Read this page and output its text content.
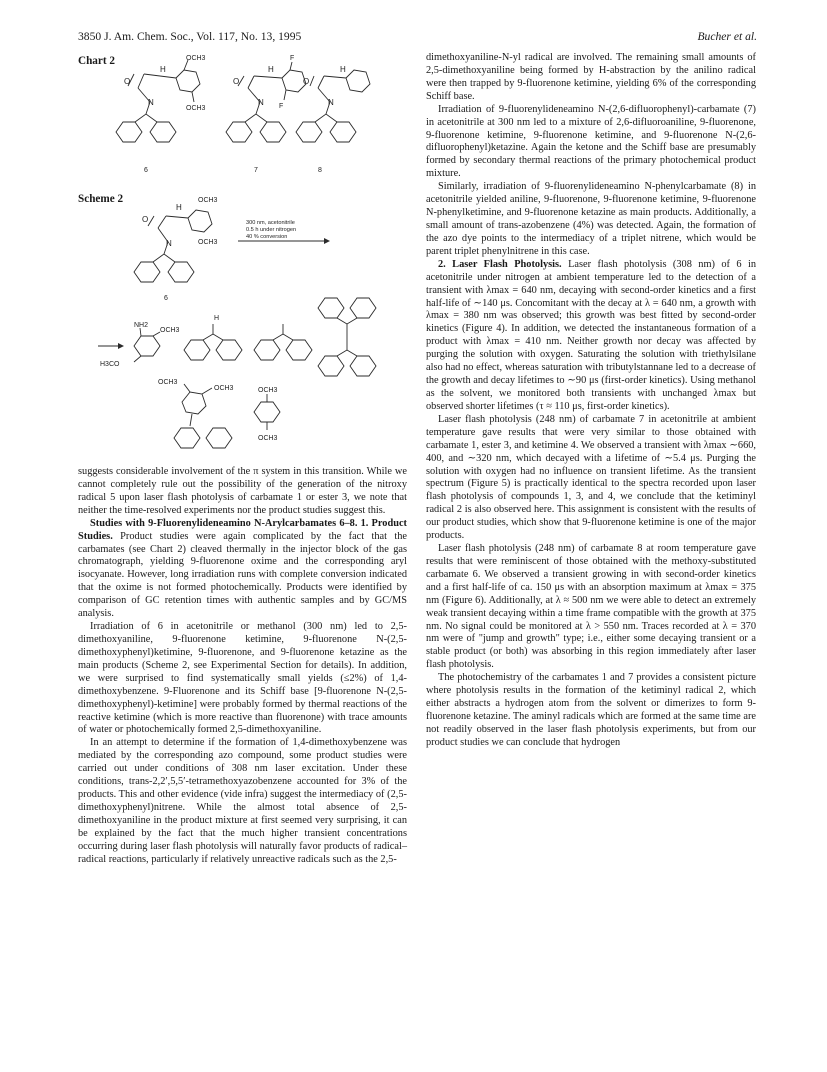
3850 J. Am. Chem. Soc., Vol. 117, No. 13, 1995	Bucher et al.
Chart 2
Scheme 2
N
O
H
OCH3
OCH3
6
N
O
H
F
F
7
N
O
H
8
N
O
H
OCH3
OCH3
6
300 nm, acetonitrile
0.5 h under nitrogen
40 % conversion
NH2
OCH3
H3CO
H
OCH3
OCH3	OCH3
OCH3

suggests considerable involvement of the π system in this transition. While we cannot completely rule out the possibility of the generation of the nitroxy radical 5 upon laser flash photolysis of carbamate 1 or ester 3, we note that neither the time-resolved experiments nor the product studies suggest this.

Studies with 9-Fluorenylideneamino N-Arylcarbamates 6–8. 1. Product Studies. Product studies were again complicated by the fact that the carbamates (see Chart 2) cleaved thermally in the injector block of the gas chromatograph, yielding 9-fluorenone oxime and the corresponding aryl isocyanate. However, long irradiation runs with complete conversion indicated that the oxime is not formed photochemically. Products were identified by comparison of GC retention times with authentic samples and by GC/MS analysis.

Irradiation of 6 in acetonitrile or methanol (300 nm) led to 2,5-dimethoxyaniline, 9-fluorenone ketimine, 9-fluorenone N-(2,5-dimethoxyphenyl)ketimine, 9-fluorenone, and 9-fluorenone ketazine as the main products (Scheme 2, see Experimental Section for details). In addition, we were surprised to find systematically small yields (≤2%) of 1,4-dimethoxybenzene. 9-Fluorenone and its Schiff base [9-fluorenone N-(2,5-dimethoxyphenyl)-ketimine] were probably formed by thermal reactions of the reactive ketimine (which is more reactive than fluorenone) with trace amounts of water or photochemically formed 2,5-dimethoxyaniline.

In an attempt to determine if the formation of 1,4-dimethoxybenzene was mediated by the corresponding azo compound, some product studies were carried out under conditions of 308 nm laser excitation. Under these conditions, trans-2,2′,5,5′-tetramethoxyazobenzene accounted for 3% of the products. This and other evidence (vide infra) suggest the intermediacy of (2,5-dimethoxyphenyl)nitrene. While the almost total absence of 2,5-dimethoxyaniline in the product mixture at first seemed very surprising, it can be explained by the fact that the much higher transient concentrations occurring during laser flash photolysis will naturally favor products of radical–radical reactions, particularly if relatively unreactive radicals such as the 2,5-

dimethoxyaniline-N-yl radical are involved. The remaining small amounts of 2,5-dimethoxyaniline being formed by H-abstraction by the anilino radical were then trapped by 9-fluorenone ketimine, yielding 6% of the corresponding Schiff base.

Irradiation of 9-fluorenylideneamino N-(2,6-difluorophenyl)-carbamate (7) in acetonitrile at 300 nm led to a mixture of 2,6-difluoroaniline, 9-fluorenone, 9-fluorenone ketimine, 9-fluorenone ketimine, and 9-fluorenone N-(2,6-difluorophenyl)ketazine. Again the ketone and the Schiff base are presumably formed by secondary thermal reactions of the primary photochemical product mixture.

Similarly, irradiation of 9-fluorenylideneamino N-phenylcarbamate (8) in acetonitrile yielded aniline, 9-fluorenone, 9-fluorenone ketimine, 9-fluorenone N-phenylketimine, and 9-fluorenone ketazine as main products. Additionally, a small amount of trans-azobenzene (4%) was detected. Again, the formation of the azo dye points to the intermediacy of a triplet nitrene, which would be parent triplet phenylnitrene in this case.

2. Laser Flash Photolysis. Laser flash photolysis (308 nm) of 6 in acetonitrile under nitrogen at ambient temperature led to the detection of a transient with λmax = 640 nm, decaying with second-order kinetics and a first half-life of ∼140 μs. Concomitant with the decay at λ = 640 nm, a growth with λmax = 380 nm was observed; this growth was best fitted by second-order kinetics (Figure 4). In addition, we detected the instantaneous formation of a product with λmax = 410 nm. Neither growth nor decay was affected by purging the solution with oxygen. Saturating the solution with triethylsilane also had no effect, whereas saturation with tributylstannane led to a decrease of the growth and decay lifetimes to ∼90 μs (first-order kinetics). Using methanol as the solvent, we monitored both transients with unchanged λmax but observed shorter lifetimes (τ ≈ 110 μs, first-order kinetics).

Laser flash photolysis (248 nm) of carbamate 7 in acetonitrile at ambient temperature gave results that were very similar to those obtained with carbamate 1, ester 3, and ketimine 4. We observed a transient with λmax ∼660, 400, and ∼320 nm, which decayed with a lifetime of ∼5.4 μs. Purging the solution with oxygen had no influence on transient lifetime. As the transient spectrum (Figure 5) is practically identical to the spectra recorded upon laser flash photolysis of compounds 1, 3, and 4, we conclude that the ketiminyl radical 2 is also observed here. This assignment is consistent with the results of our product studies, which show that 9-fluorenone ketimine is one of the major products.

Laser flash photolysis (248 nm) of carbamate 8 at room temperature gave results that were reminiscent of those obtained with the methoxy-substituted carbamate 6. We observed a transient growing in with second-order kinetics and a first half-life of ca. 150 μs with an absorption maximum at λmax = 375 nm (Figure 6). Additionally, at λ ≈ 500 nm we were able to detect an extremely weak transient decaying within a time frame compatible with the growth at 375 nm. No signal could be monitored at λ > 550 nm. Traces recorded at λ = 370 nm were of "jump and growth" type; i.e., either some decaying transient or a stable product (or both) was absorbing in this region immediately after laser flash photolysis.

The photochemistry of the carbamates 1 and 7 provides a consistent picture where photolysis results in the formation of the ketiminyl radical 2, which either abstracts a hydrogen atom from the solvent or dimerizes to form 9-fluorenone ketazine. The aminyl radicals which are formed at the same time are not readily observed in the laser flash photolysis experiments, but from our product studies we can conclude that hydrogen
